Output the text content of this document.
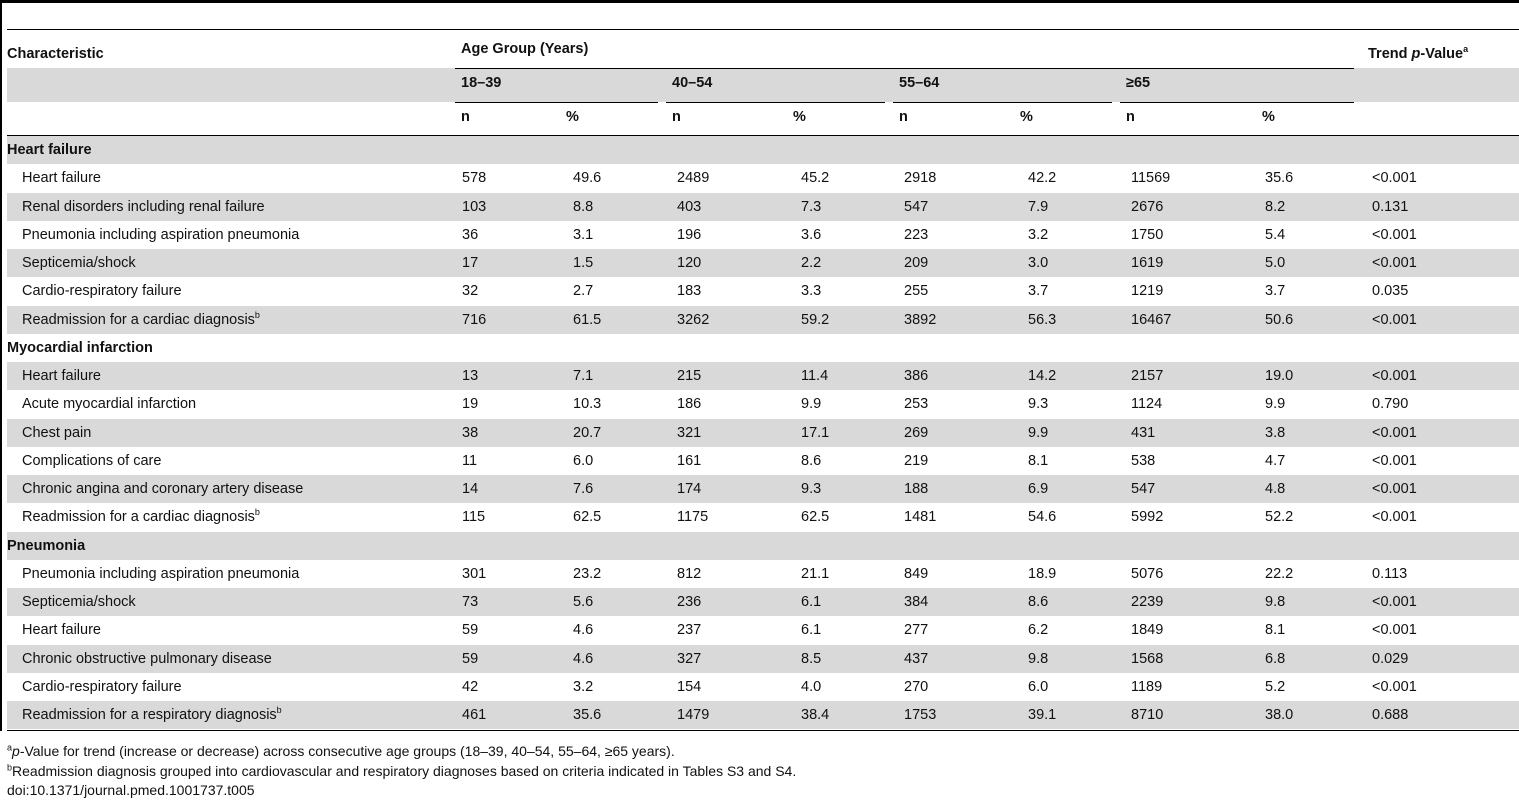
Characteristic	Age Group (Years)	Trend p-Value$^a$
18–39	40–54	55–64	≥65
n	%	n	%	n	%	n	%
Heart failure									
Heart failure	578	49.6	2489	45.2	2918	42.2	11569	35.6	<0.001
Renal disorders including renal failure	103	8.8	403	7.3	547	7.9	2676	8.2	0.131
Pneumonia including aspiration pneumonia	36	3.1	196	3.6	223	3.2	1750	5.4	<0.001
Septicemia/shock	17	1.5	120	2.2	209	3.0	1619	5.0	<0.001
Cardio-respiratory failure	32	2.7	183	3.3	255	3.7	1219	3.7	0.035
Readmission for a cardiac diagnosis$^b$	716	61.5	3262	59.2	3892	56.3	16467	50.6	<0.001
Myocardial infarction									
Heart failure	13	7.1	215	11.4	386	14.2	2157	19.0	<0.001
Acute myocardial infarction	19	10.3	186	9.9	253	9.3	1124	9.9	0.790
Chest pain	38	20.7	321	17.1	269	9.9	431	3.8	<0.001
Complications of care	11	6.0	161	8.6	219	8.1	538	4.7	<0.001
Chronic angina and coronary artery disease	14	7.6	174	9.3	188	6.9	547	4.8	<0.001
Readmission for a cardiac diagnosis$^b$	115	62.5	1175	62.5	1481	54.6	5992	52.2	<0.001
Pneumonia									
Pneumonia including aspiration pneumonia	301	23.2	812	21.1	849	18.9	5076	22.2	0.113
Septicemia/shock	73	5.6	236	6.1	384	8.6	2239	9.8	<0.001
Heart failure	59	4.6	237	6.1	277	6.2	1849	8.1	<0.001
Chronic obstructive pulmonary disease	59	4.6	327	8.5	437	9.8	1568	6.8	0.029
Cardio-respiratory failure	42	3.2	154	4.0	270	6.0	1189	5.2	<0.001
Readmission for a respiratory diagnosis$^b$	461	35.6	1479	38.4	1753	39.1	8710	38.0	0.688
$^a$p-Value for trend (increase or decrease) across consecutive age groups (18–39, 40–54, 55–64, ≥65 years).
$^b$Readmission diagnosis grouped into cardiovascular and respiratory diagnoses based on criteria indicated in Tables S3 and S4.
doi:10.1371/journal.pmed.1001737.t005
